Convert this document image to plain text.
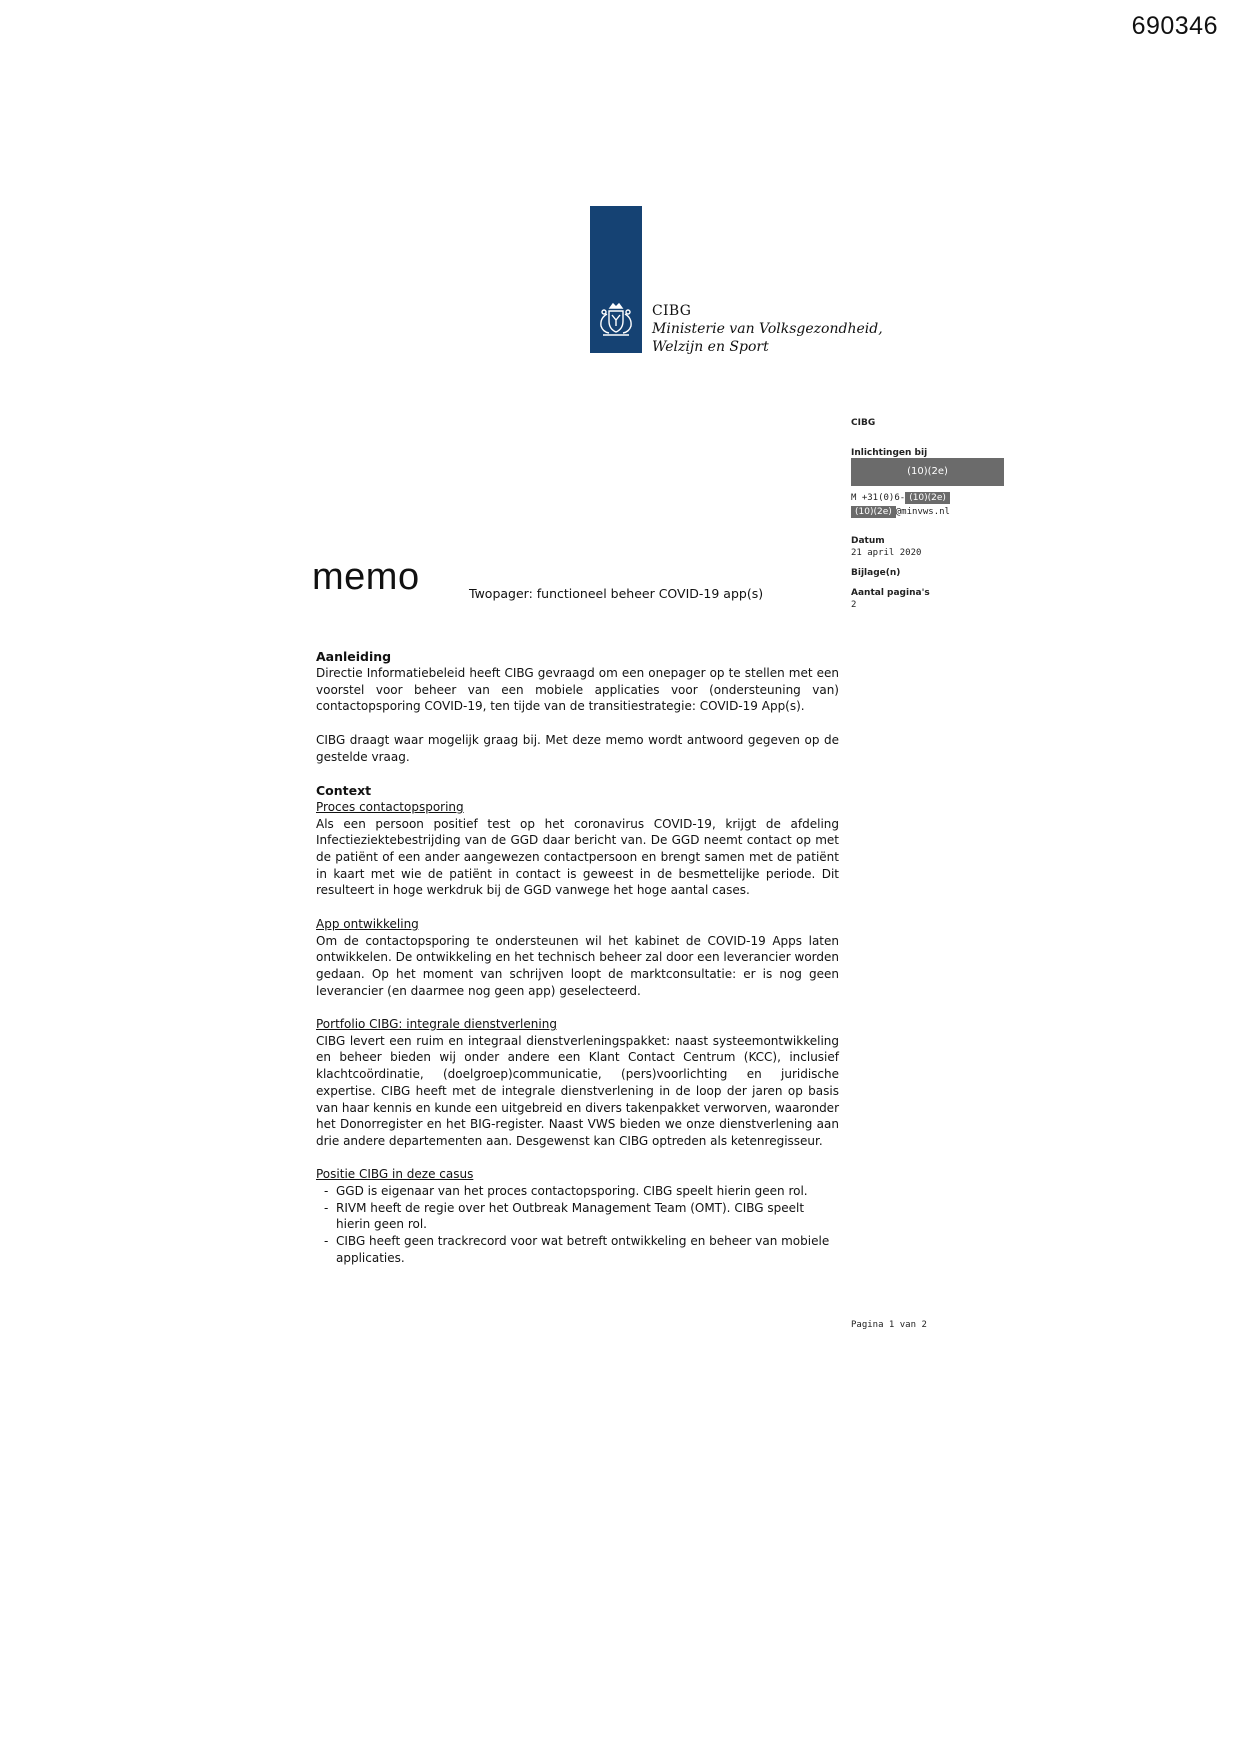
690346
CIBG
Ministerie van Volksgezondheid,
Welzijn en Sport
CIBG
Inlichtingen bij
(10)(2e)
M +31(0)6- (10)(2e)
(10)(2e) @minvws.nl
Datum
21 april 2020
Bijlage(n)
Aantal pagina's
2
memo	Twopager: functioneel beheer COVID-19 app(s)
Aanleiding

Directie Informatiebeleid heeft CIBG gevraagd om een onepager op te stellen met een voorstel voor beheer van een mobiele applicaties voor (ondersteuning van) contactopsporing COVID-19, ten tijde van de transitiestrategie: COVID-19 App(s).

CIBG draagt waar mogelijk graag bij. Met deze memo wordt antwoord gegeven op de gestelde vraag.

Context
Proces contactopsporing

Als een persoon positief test op het coronavirus COVID-19, krijgt de afdeling Infectieziektebestrijding van de GGD daar bericht van. De GGD neemt contact op met de patiënt of een ander aangewezen contactpersoon en brengt samen met de patiënt in kaart met wie de patiënt in contact is geweest in de besmettelijke periode. Dit resulteert in hoge werkdruk bij de GGD vanwege het hoge aantal cases.

App ontwikkeling

Om de contactopsporing te ondersteunen wil het kabinet de COVID-19 Apps laten ontwikkelen. De ontwikkeling en het technisch beheer zal door een leverancier worden gedaan. Op het moment van schrijven loopt de marktconsultatie: er is nog geen leverancier (en daarmee nog geen app) geselecteerd.

Portfolio CIBG: integrale dienstverlening

CIBG levert een ruim en integraal dienstverleningspakket: naast systeemontwikkeling en beheer bieden wij onder andere een Klant Contact Centrum (KCC), inclusief klachtcoördinatie, (doelgroep)communicatie, (pers)voorlichting en juridische expertise. CIBG heeft met de integrale dienstverlening in de loop der jaren op basis van haar kennis en kunde een uitgebreid en divers takenpakket verworven, waaronder het Donorregister en het BIG-register. Naast VWS bieden we onze dienstverlening aan drie andere departementen aan. Desgewenst kan CIBG optreden als ketenregisseur.

Positie CIBG in deze casus
- GGD is eigenaar van het proces contactopsporing. CIBG speelt hierin geen rol.
- RIVM heeft de regie over het Outbreak Management Team (OMT). CIBG speelt hierin geen rol.
- CIBG heeft geen trackrecord voor wat betreft ontwikkeling en beheer van mobiele applicaties.
Pagina 1 van 2
